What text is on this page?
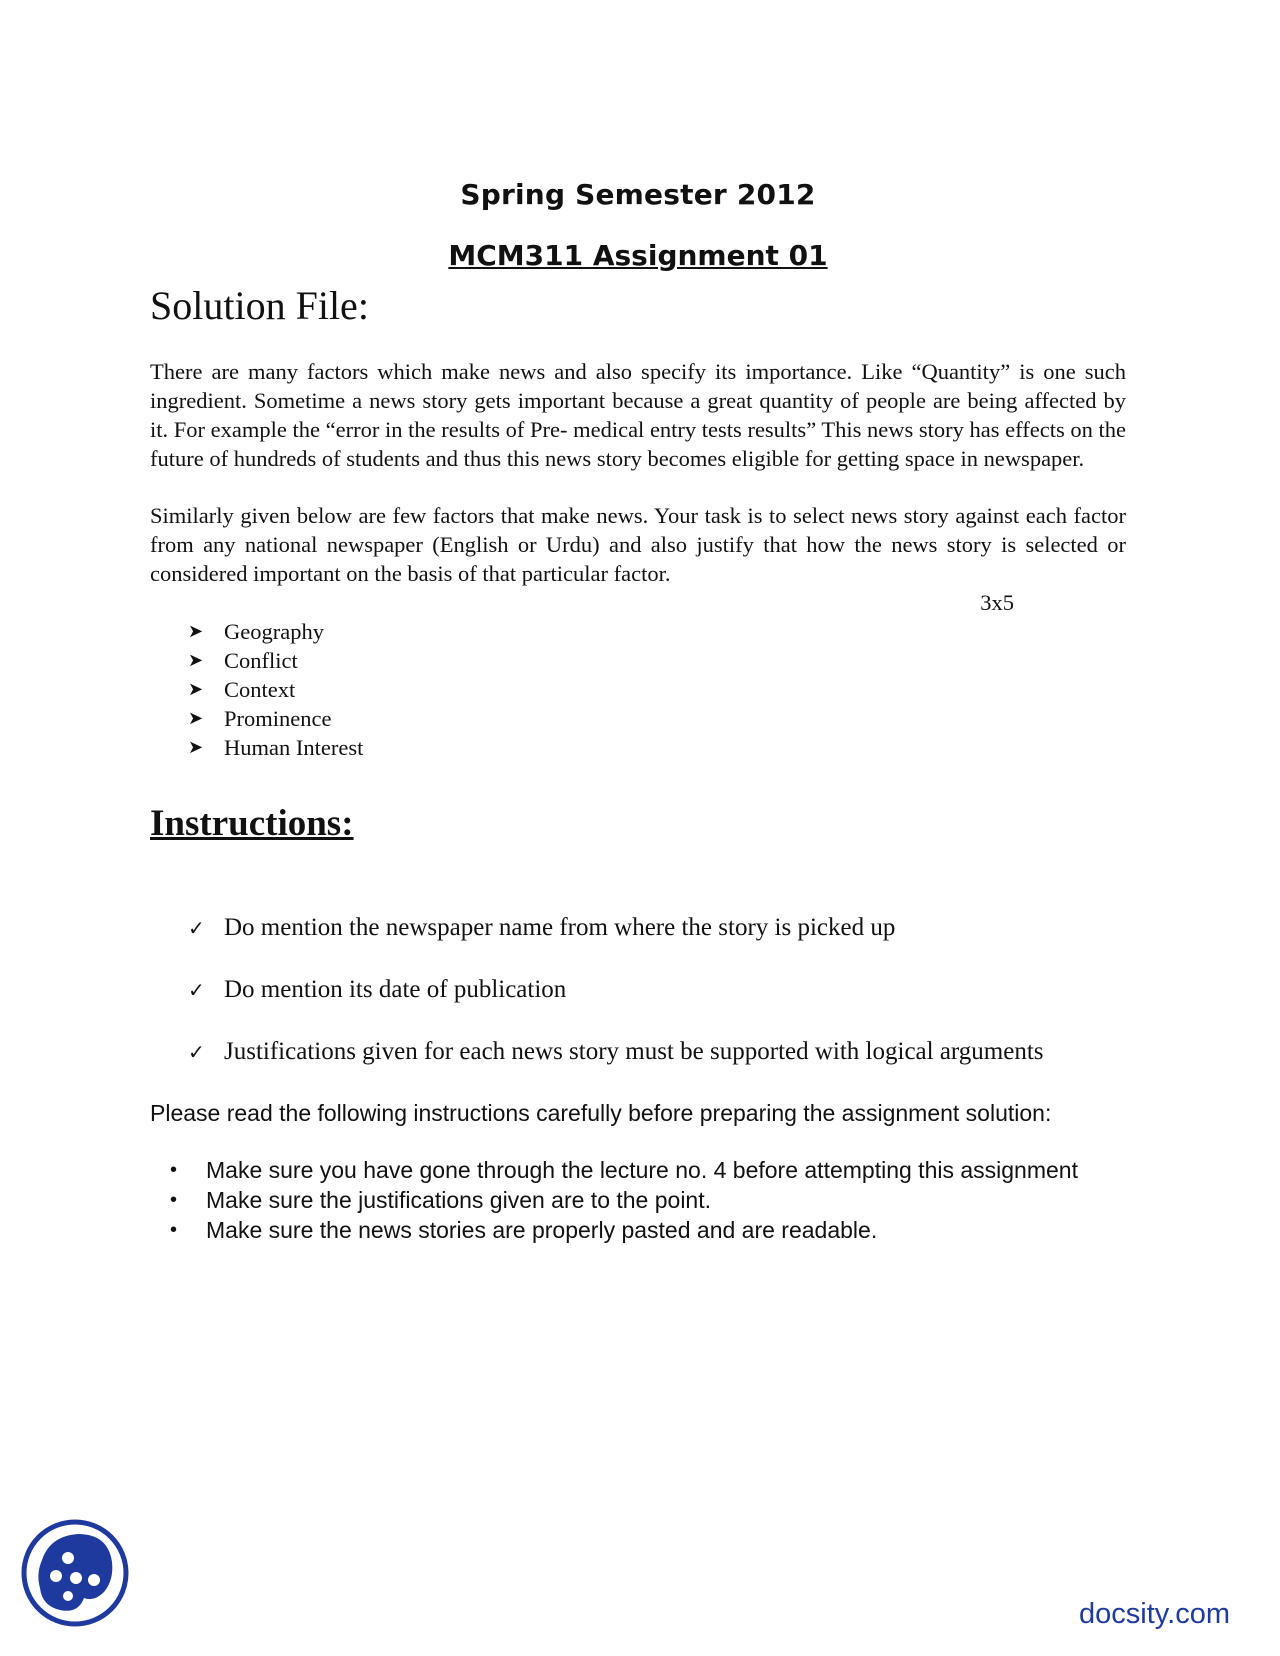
Spring Semester 2012
MCM311 Assignment 01
Solution File:

There are many factors which make news and also specify its importance. Like “Quantity” is one such ingredient. Sometime a news story gets important because a great quantity of people are being affected by it. For example the “error in the results of Pre- medical entry tests results” This news story has effects on the future of hundreds of students and thus this news story becomes eligible for getting space in newspaper.

Similarly given below are few factors that make news. Your task is to select news story against each factor from any national newspaper (English or Urdu) and also justify that how the news story is selected or considered important on the basis of that particular factor.

3x5

➤ Geography
➤ Conflict
➤ Context
➤ Prominence
➤ Human Interest
Instructions:
✓ Do mention the newspaper name from where the story is picked up
✓ Do mention its date of publication
✓ Justifications given for each news story must be supported with logical arguments

Please read the following instructions carefully before preparing the assignment solution:

•	Make sure you have gone through the lecture no. 4 before attempting this assignment
•	Make sure the justifications given are to the point.
•	Make sure the news stories are properly pasted and are readable.
docsity.com
